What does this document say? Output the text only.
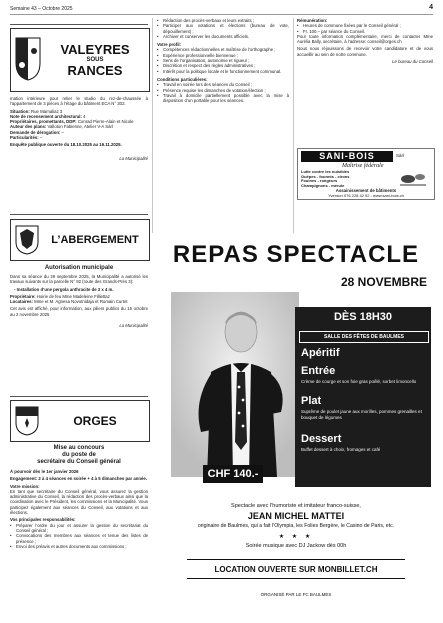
Semaine 43 – Octobre 2025	4
VALEYRES
SOUS
RANCES

mation intérieure pour relier le studio du rez-de-chaussée à l’appartement de 3 pièces à l’étage du bâtiment ECA N° 302.

Situation: Rue Marnaliaz 3
Note de recensement architectural: 4
Propriétaires, promettants, DDP: Conrad Pierre-Alain et Nicole
Auteur des plans: Valloton Fabienne, Atelier V-A Sàrl
Demande de dérogation: –
Particularités: –
Enquête publique ouverte du 18.10.2025 au 16.11.2025.
La Municipalité
L’ABERGEMENT
Autorisation municipale

Dans sa séance du 29 septembre 2025, la Municipalité a autorisé les travaux suivants sur la parcelle N° 92 (route des Grands-Prés 3):

- Installation d’une pergola anthracite de 3 x 4 m.

Propriétaire: Hoirie de feu Mme Madeleine Filliettaz
Locataires: Mme et M. Agnesa Novotnidaja et Romain Curtet

Cet avis est affiché, pour information, aux piliers publics du 15 octobre au 2 novembre 2025

La Municipalité
ORGES
Mise au concours
du poste de
secrétaire du Conseil général
À pourvoir dès le 1er janvier 2026

Engagement: 2 à 4 séances en soirée + 4 à 5 dimanches par année.

Votre mission:

En tant que secrétaire du Conseil général, vous assurez la gestion administrative du Conseil, la rédaction des procès-verbaux ainsi que la coordination avec le Président, les commissions et la Municipalité. Vous participez également aux séances du Conseil, aux votations et aux élections.

Vos principales responsabilités:
• Préparer l’ordre du jour et assurer la gestion du secrétariat du Conseil général ;
• Convocations des membres aux séances et tenue des listes de présence ;
• Envoi des préavis et autres documents aux commissions ;
• Rédaction des procès-verbaux et leurs extraits ;
• Participer aux votations et élections (bureau de vote, dépouillement) ;
• Archiver et conserver les documents officiels.
Votre profil:
• Compétences rédactionnelles et maîtrise de l’orthographe ;
• Expérience professionnelle bienvenue ;
• Sens de l’organisation, autonomie et rigueur ;
• Discrétion et respect des règles administratives ;
• Intérêt pour la politique locale et le fonctionnement communal.
Conditions particulières:
• Travail en soirée lors des séances du Conseil ;
• Présence requise les dimanches de votation/élection ;
• Travail à domicile partiellement possible avec la mise à disposition d’un portable pour les séances.
Rémunération:
• Heures de commune fixées par le Conseil général ;
• Fr. 100.– par séance du Conseil.

Pour toute information complémentaire, merci de contacter Mme Aurélia Bally, secrétaire, à l’adresse: conseil@orges.ch

Nous nous réjouissons de recevoir votre candidature et de vous accueillir au sein de notre commune.

Le bureau du Conseil
SANI-BOIS	Sàrl
Maîtrise fédérale
Lutte contre les nuisibles
Guêpes - fourmis - cirons
Fouines - rongeurs
Champignons - mérule
Assainissement de bâtiments
Yverdon 076 228 42 92 - www.sani-bois.ch
REPAS SPECTACLE
28 NOVEMBRE
DÈS 18H30
SALLE DES FÊTES DE BAULMES
Apéritif
Entrée
Crème de courge et son foie gras poêlé, sorbet limoncello
Plat
Suprême de poulet jaune aux morilles, pommes grenailles et bouquet de légumes
Dessert
Buffet dessert à choix, fromages et café
CHF 140.-
Spectacle avec l’humoriste et imitateur franco-suisse,
JEAN MICHEL MATTEI
originaire de Baulmes, qui a fait l’Olympia, les Folies Bergère, le Casino de Paris, etc.
★ ★ ★
Soirée musique avec DJ Jackow dès 00h
LOCATION OUVERTE SUR MONBILLET.CH
ORGANISÉ PAR LE FC BAULMES
